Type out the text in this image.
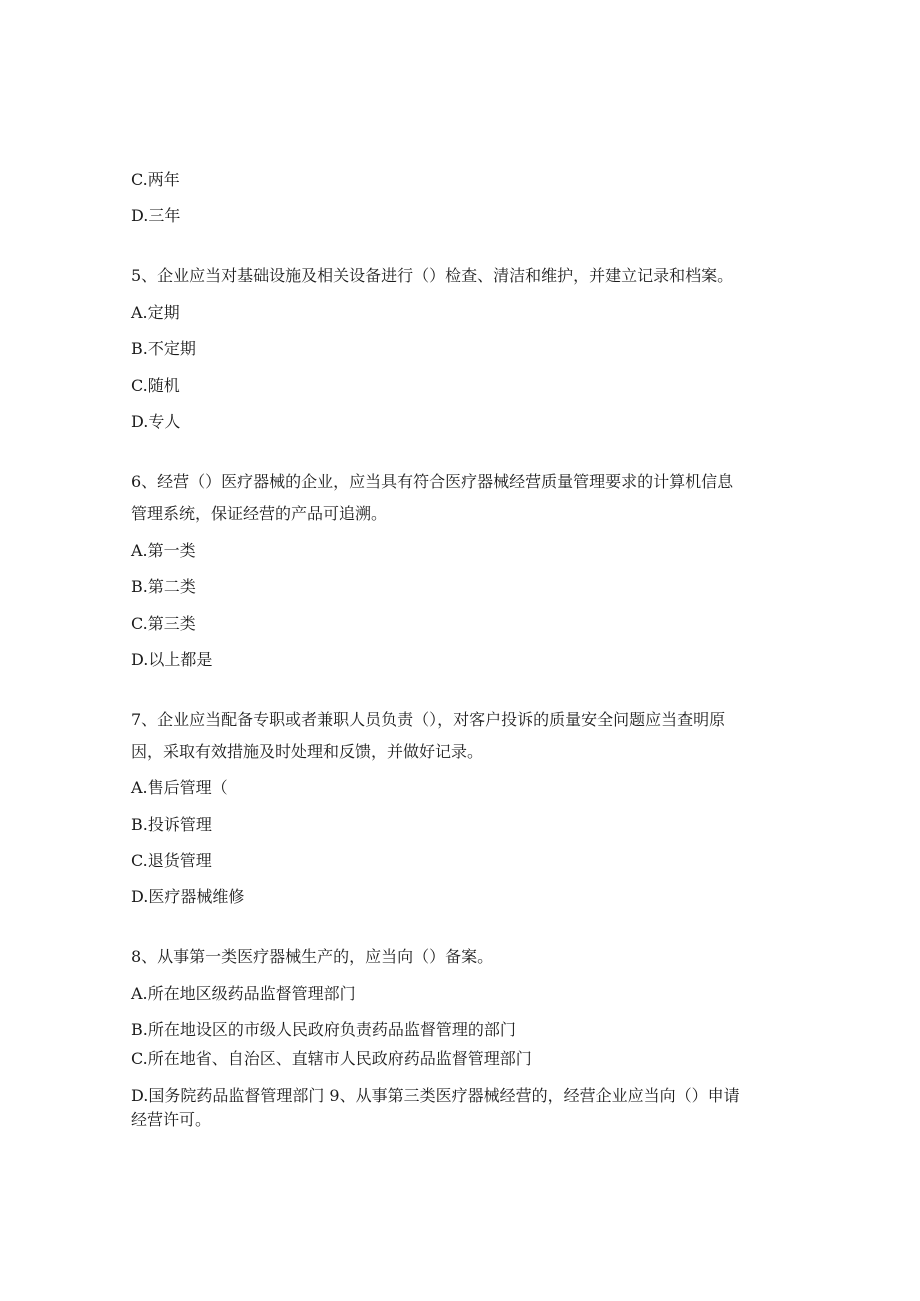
C.两年
D.三年
5、企业应当对基础设施及相关设备进行（）检查、清洁和维护，并建立记录和档案。
A.定期
B.不定期
C.随机
D.专人
6、经营（）医疗器械的企业，应当具有符合医疗器械经营质量管理要求的计算机信息
管理系统，保证经营的产品可追溯。
A.第一类
B.第二类
C.第三类
D.以上都是
7、企业应当配备专职或者兼职人员负责（），对客户投诉的质量安全问题应当查明原
因，采取有效措施及时处理和反馈，并做好记录。
A.售后管理（
B.投诉管理
C.退货管理
D.医疗器械维修
8、从事第一类医疗器械生产的，应当向（）备案。
A.所在地区级药品监督管理部门
B.所在地设区的市级人民政府负责药品监督管理的部门
C.所在地省、自治区、直辖市人民政府药品监督管理部门
D.国务院药品监督管理部门 9、从事第三类医疗器械经营的，经营企业应当向（）申请
经营许可。
